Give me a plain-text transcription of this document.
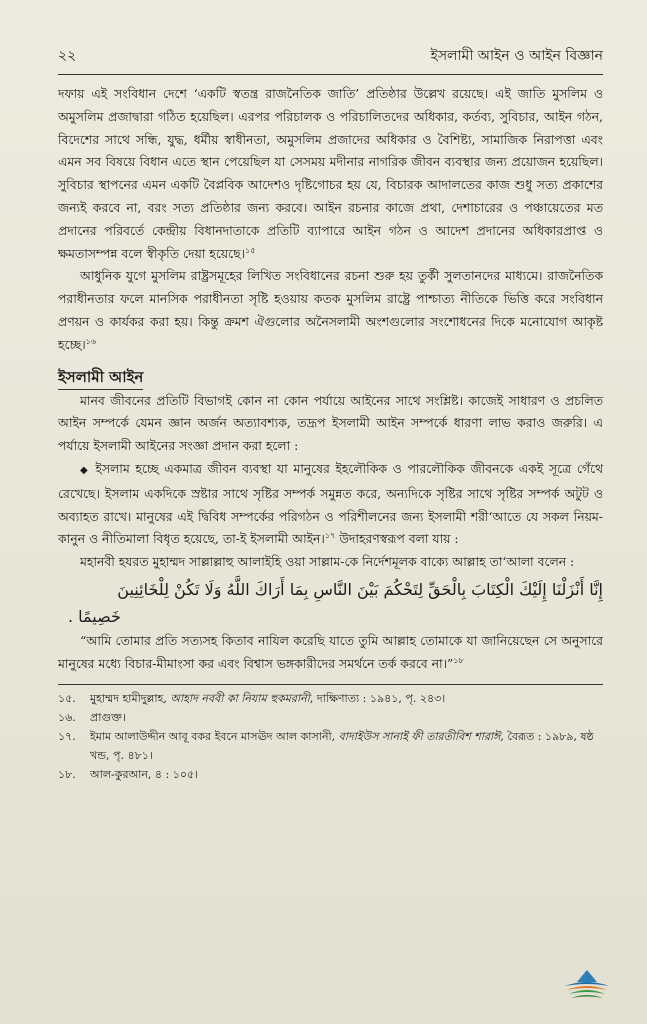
২২	ইসলামী আইন ও আইন বিজ্ঞান

দফায় এই সংবিধান দেশে ‘একটি স্বতন্ত্র রাজনৈতিক জাতি’ প্রতিষ্ঠার উল্লেখ রয়েছে। এই জাতি মুসলিম ও অমুসলিম প্রজাদ্বারা গঠিত হয়েছিল। এরপর পরিচালক ও পরিচালিতদের অধিকার, কর্তব্য, সুবিচার, আইন গঠন, বিদেশের সাথে সন্ধি, যুদ্ধ, ধর্মীয় স্বাধীনতা, অমুসলিম প্রজাদের অধিকার ও বৈশিষ্ট্য, সামাজিক নিরাপত্তা এবং এমন সব বিষয়ে বিধান এতে স্থান পেয়েছিল যা সেসময় মদীনার নাগরিক জীবন ব্যবস্থার জন্য প্রয়োজন হয়েছিল। সুবিচার স্থাপনের এমন একটি বৈপ্লবিক আদেশও দৃষ্টিগোচর হয় যে, বিচারক আদালতের কাজ শুধু সত্য প্রকাশের জন্যই করবে না, বরং সত্য প্রতিষ্ঠার জন্য করবে। আইন রচনার কাজে প্রথা, দেশাচারের ও পঞ্চায়েতের মত প্রদানের পরিবর্তে কেন্দ্রীয় বিধানদাতাকে প্রতিটি ব্যাপারে আইন গঠন ও আদেশ প্রদানের অধিকারপ্রাপ্ত ও ক্ষমতাসম্পন্ন বলে স্বীকৃতি দেয়া হয়েছে।$^{১৫}$

আধুনিক যুগে মুসলিম রাষ্ট্রসমূহের লিখিত সংবিধানের রচনা শুরু হয় তুর্কী সুলতানদের মাধ্যমে। রাজনৈতিক পরাধীনতার ফলে মানসিক পরাধীনতা সৃষ্টি হওয়ায় কতক মুসলিম রাষ্ট্রে পাশ্চাত্য নীতিকে ভিত্তি করে সংবিধান প্রণয়ন ও কার্যকর করা হয়। কিন্তু ক্রমশ ঐগুলোর অনৈসলামী অংশগুলোর সংশোধনের দিকে মনোযোগ আকৃষ্ট হচ্ছে।$^{১৬}$

ইসলামী আইন

মানব জীবনের প্রতিটি বিভাগই কোন না কোন পর্যায়ে আইনের সাথে সংশ্লিষ্ট। কাজেই সাধারণ ও প্রচলিত আইন সম্পর্কে যেমন জ্ঞান অর্জন অত্যাবশ্যক, তদ্রূপ ইসলামী আইন সম্পর্কে ধারণা লাভ করাও জরুরি। এ পর্যায়ে ইসলামী আইনের সংজ্ঞা প্রদান করা হলো :

◆ ইসলাম হচ্ছে একমাত্র জীবন ব্যবস্থা যা মানুষের ইহলৌকিক ও পারলৌকিক জীবনকে একই সূত্রে গেঁথে রেখেছে। ইসলাম একদিকে স্রষ্টার সাথে সৃষ্টির সম্পর্ক সমুন্নত করে, অন্যদিকে সৃষ্টির সাথে সৃষ্টির সম্পর্ক অটুট ও অব্যাহত রাখে। মানুষের এই দ্বিবিধ সম্পর্কের পরিগঠন ও পরিশীলনের জন্য ইসলামী শরী‘আতে যে সকল নিয়ম-কানুন ও নীতিমালা বিধৃত হয়েছে, তা-ই ইসলামী আইন।$^{১৭}$ উদাহরণস্বরূপ বলা যায় :

মহানবী হযরত মুহাম্মদ সাল্লাল্লাহু আলাইহি ওয়া সাল্লাম-কে নির্দেশমূলক বাক্যে আল্লাহ তা‘আলা বলেন :

إِنَّا أَنْزَلْنَا إِلَيْكَ الْكِتَابَ بِالْحَقِّ لِتَحْكُمَ بَيْنَ النَّاسِ بِمَا أَرَاكَ اللَّهُ وَلَا تَكُنْ لِلْخَائِنِينَ
خَصِيمًا .

“আমি তোমার প্রতি সত্যসহ কিতাব নাযিল করেছি যাতে তুমি আল্লাহ তোমাকে যা জানিয়েছেন সে অনুসারে মানুষের মধ্যে বিচার-মীমাংসা কর এবং বিশ্বাস ভঙ্গকারীদের সমর্থনে তর্ক করবে না।”$^{১৮}$

১৫.	মুহাম্মদ হামীদুল্লাহ, আহাদ নববী কা নিযাম হুকমরানী, দাক্ষিণাত্য : ১৯৪১, পৃ. ২৪৩।
১৬.	প্রাগুক্ত।
১৭.	ইমাম আলাউদ্দীন আবূ বকর ইবনে মাসঊদ আল কাসানী, বাদাইউস সানাই ফী তারতীবিশ শারাঈ, বৈরূত : ১৯৮৯, ষষ্ঠ খন্ড, পৃ. ৪৮১।
১৮.	আল-কুরআন, ৪ : ১০৫।
